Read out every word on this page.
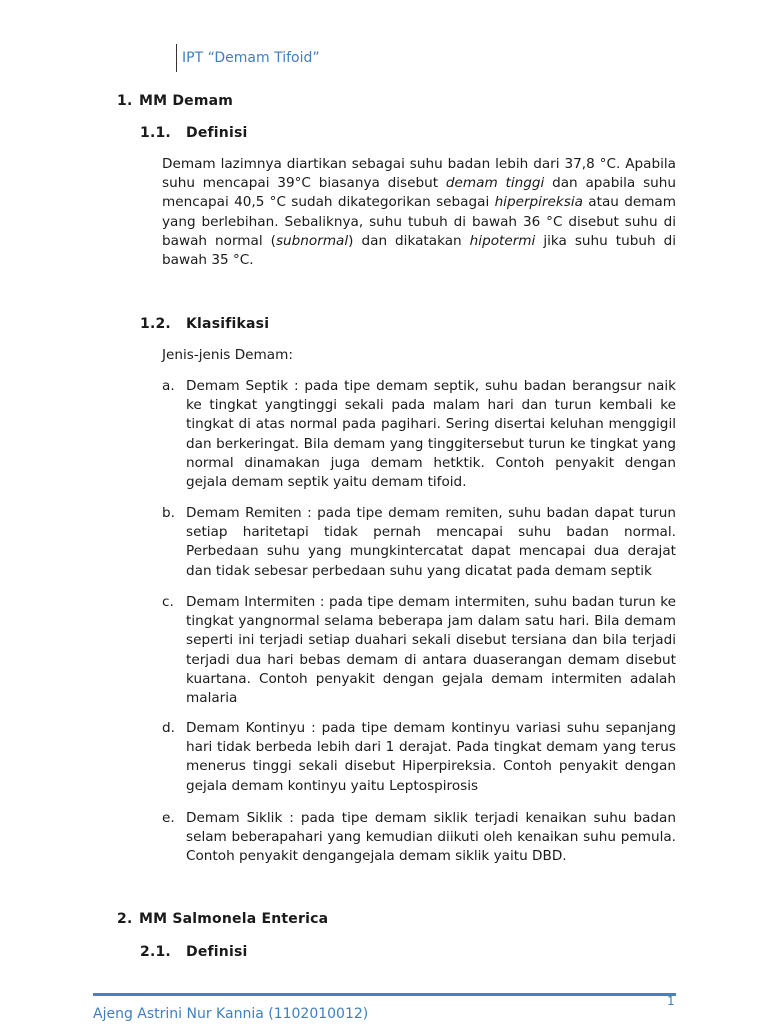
IPT “Demam Tifoid”
1. MM Demam
1.1. Definisi

Demam lazimnya diartikan sebagai suhu badan lebih dari 37,8 °C. Apabila suhu mencapai 39°C biasanya disebut demam tinggi dan apabila suhu mencapai 40,5 °C sudah dikategorikan sebagai hiperpireksia atau demam yang berlebihan. Sebaliknya, suhu tubuh di bawah 36 °C disebut suhu di bawah normal (subnormal) dan dikatakan hipotermi jika suhu tubuh di bawah 35 °C.

1.2. Klasifikasi
Jenis-jenis Demam:
a. Demam Septik : pada tipe demam septik, suhu badan berangsur naik ke tingkat yangtinggi sekali pada malam hari dan turun kembali ke tingkat di atas normal pada pagihari. Sering disertai keluhan menggigil dan berkeringat. Bila demam yang tinggitersebut turun ke tingkat yang normal dinamakan juga demam hetktik. Contoh penyakit dengan gejala demam septik yaitu demam tifoid.
b. Demam Remiten : pada tipe demam remiten, suhu badan dapat turun setiap haritetapi tidak pernah mencapai suhu badan normal. Perbedaan suhu yang mungkintercatat dapat mencapai dua derajat dan tidak sebesar perbedaan suhu yang dicatat pada demam septik
c. Demam Intermiten : pada tipe demam intermiten, suhu badan turun ke tingkat yangnormal selama beberapa jam dalam satu hari. Bila demam seperti ini terjadi setiap duahari sekali disebut tersiana dan bila terjadi terjadi dua hari bebas demam di antara duaserangan demam disebut kuartana. Contoh penyakit dengan gejala demam intermiten adalah malaria
d. Demam Kontinyu : pada tipe demam kontinyu variasi suhu sepanjang hari tidak berbeda lebih dari 1 derajat. Pada tingkat demam yang terus menerus tinggi sekali disebut Hiperpireksia. Contoh penyakit dengan gejala demam kontinyu yaitu Leptospirosis
e. Demam Siklik : pada tipe demam siklik terjadi kenaikan suhu badan selam beberapahari yang kemudian diikuti oleh kenaikan suhu pemula. Contoh penyakit dengangejala demam siklik yaitu DBD.
2. MM Salmonela Enterica
2.1. Definisi
1
Ajeng Astrini Nur Kannia (1102010012)
